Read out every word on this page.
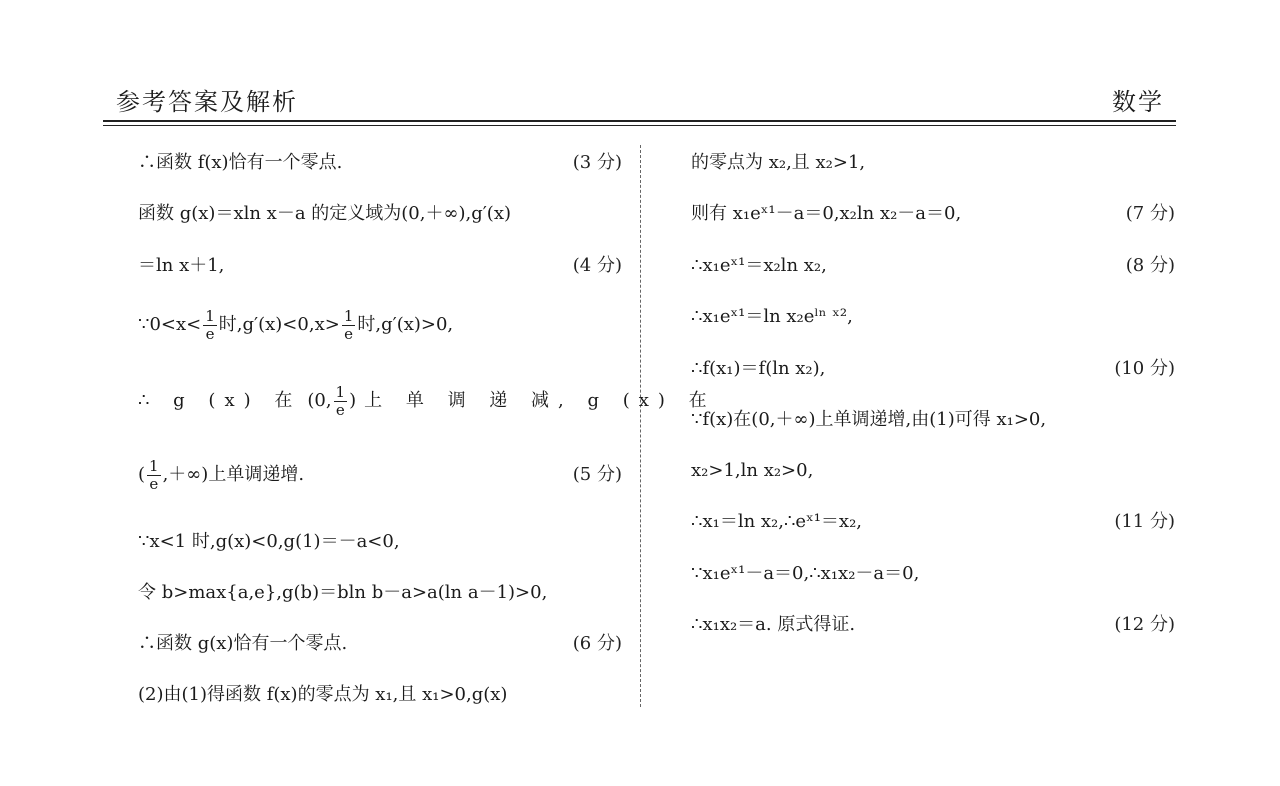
参考答案及解析	数学
∴函数 f(x)恰有一个零点.	(3 分)
函数 g(x)＝xln x－a 的定义域为(0,＋∞),g′(x)
＝ln x＋1,	(4 分)
∵0<x< $\frac{1}{e}$ 时$,g'(x)<0,x> \frac{1}{e}$ 时,g′(x)>0,
∴ g (x) 在 (0, $\frac{1}{e}$ ) 上 单 调 递 减, g (x) 在
( $\frac{1}{e}$ ,＋∞) 上单调递增.	(5 分)
∵x<1 时,g(x)<0,g(1)＝－a<0,
令 b>max{a,e},g(b)＝bln b－a>a(ln a－1)>0,
∴函数 g(x)恰有一个零点.	(6 分)
(2)由(1)得函数 f(x)的零点为 x₁,且 x₁>0,g(x)
的零点为 x₂,且 x₂>1,
则有 x₁eˣ¹－a＝0,x₂ln x₂－a＝0,	(7 分)
∴x₁eˣ¹＝x₂ln x₂,	(8 分)
∴x₁eˣ¹＝ln x₂eˡⁿ ˣ²,
∴f(x₁)＝f(ln x₂),	(10 分)
∵f(x)在(0,＋∞)上单调递增,由(1)可得 x₁>0,
x₂>1,ln x₂>0,
∴x₁＝ln x₂,∴eˣ¹＝x₂,	(11 分)
∵x₁eˣ¹－a＝0,∴x₁x₂－a＝0,
∴x₁x₂＝a. 原式得证.	(12 分)
